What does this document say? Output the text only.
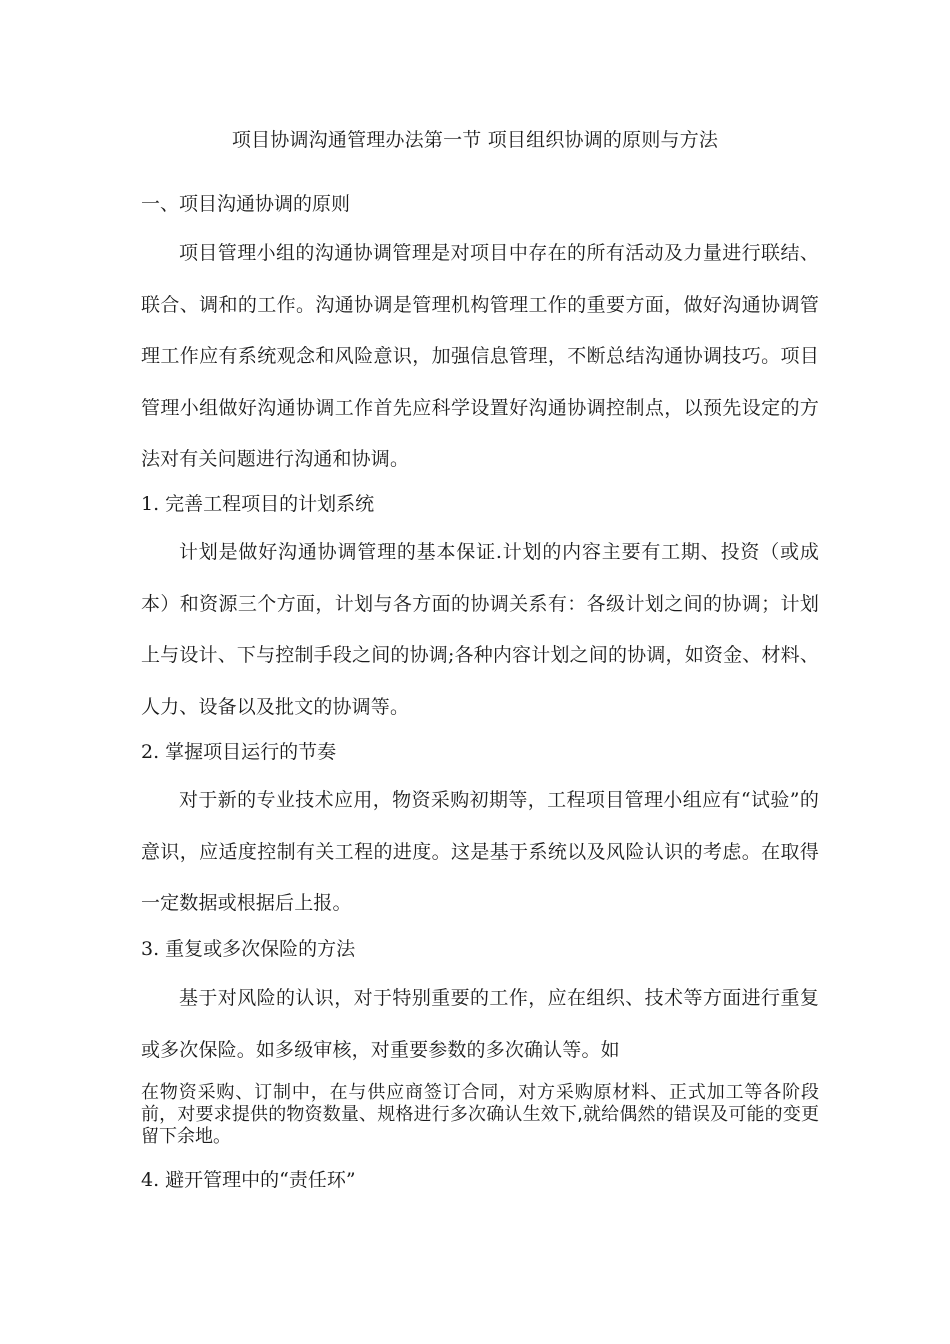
项目协调沟通管理办法第一节 项目组织协调的原则与方法
一、项目沟通协调的原则

项目管理小组的沟通协调管理是对项目中存在的所有活动及力量进行联结、联合、调和的工作。沟通协调是管理机构管理工作的重要方面，做好沟通协调管理工作应有系统观念和风险意识，加强信息管理，不断总结沟通协调技巧。项目管理小组做好沟通协调工作首先应科学设置好沟通协调控制点，以预先设定的方法对有关问题进行沟通和协调。

1. 完善工程项目的计划系统

计划是做好沟通协调管理的基本保证.计划的内容主要有工期、投资（或成本）和资源三个方面，计划与各方面的协调关系有：各级计划之间的协调；计划上与设计、下与控制手段之间的协调;各种内容计划之间的协调，如资金、材料、人力、设备以及批文的协调等。

2. 掌握项目运行的节奏

对于新的专业技术应用，物资采购初期等，工程项目管理小组应有“试验”的意识，应适度控制有关工程的进度。这是基于系统以及风险认识的考虑。在取得一定数据或根据后上报。

3. 重复或多次保险的方法

基于对风险的认识，对于特别重要的工作，应在组织、技术等方面进行重复或多次保险。如多级审核，对重要参数的多次确认等。如

在物资采购、订制中，在与供应商签订合同，对方采购原材料、正式加工等各阶段前，对要求提供的物资数量、规格进行多次确认生效下,就给偶然的错误及可能的变更留下余地。

4. 避开管理中的“责任环”
